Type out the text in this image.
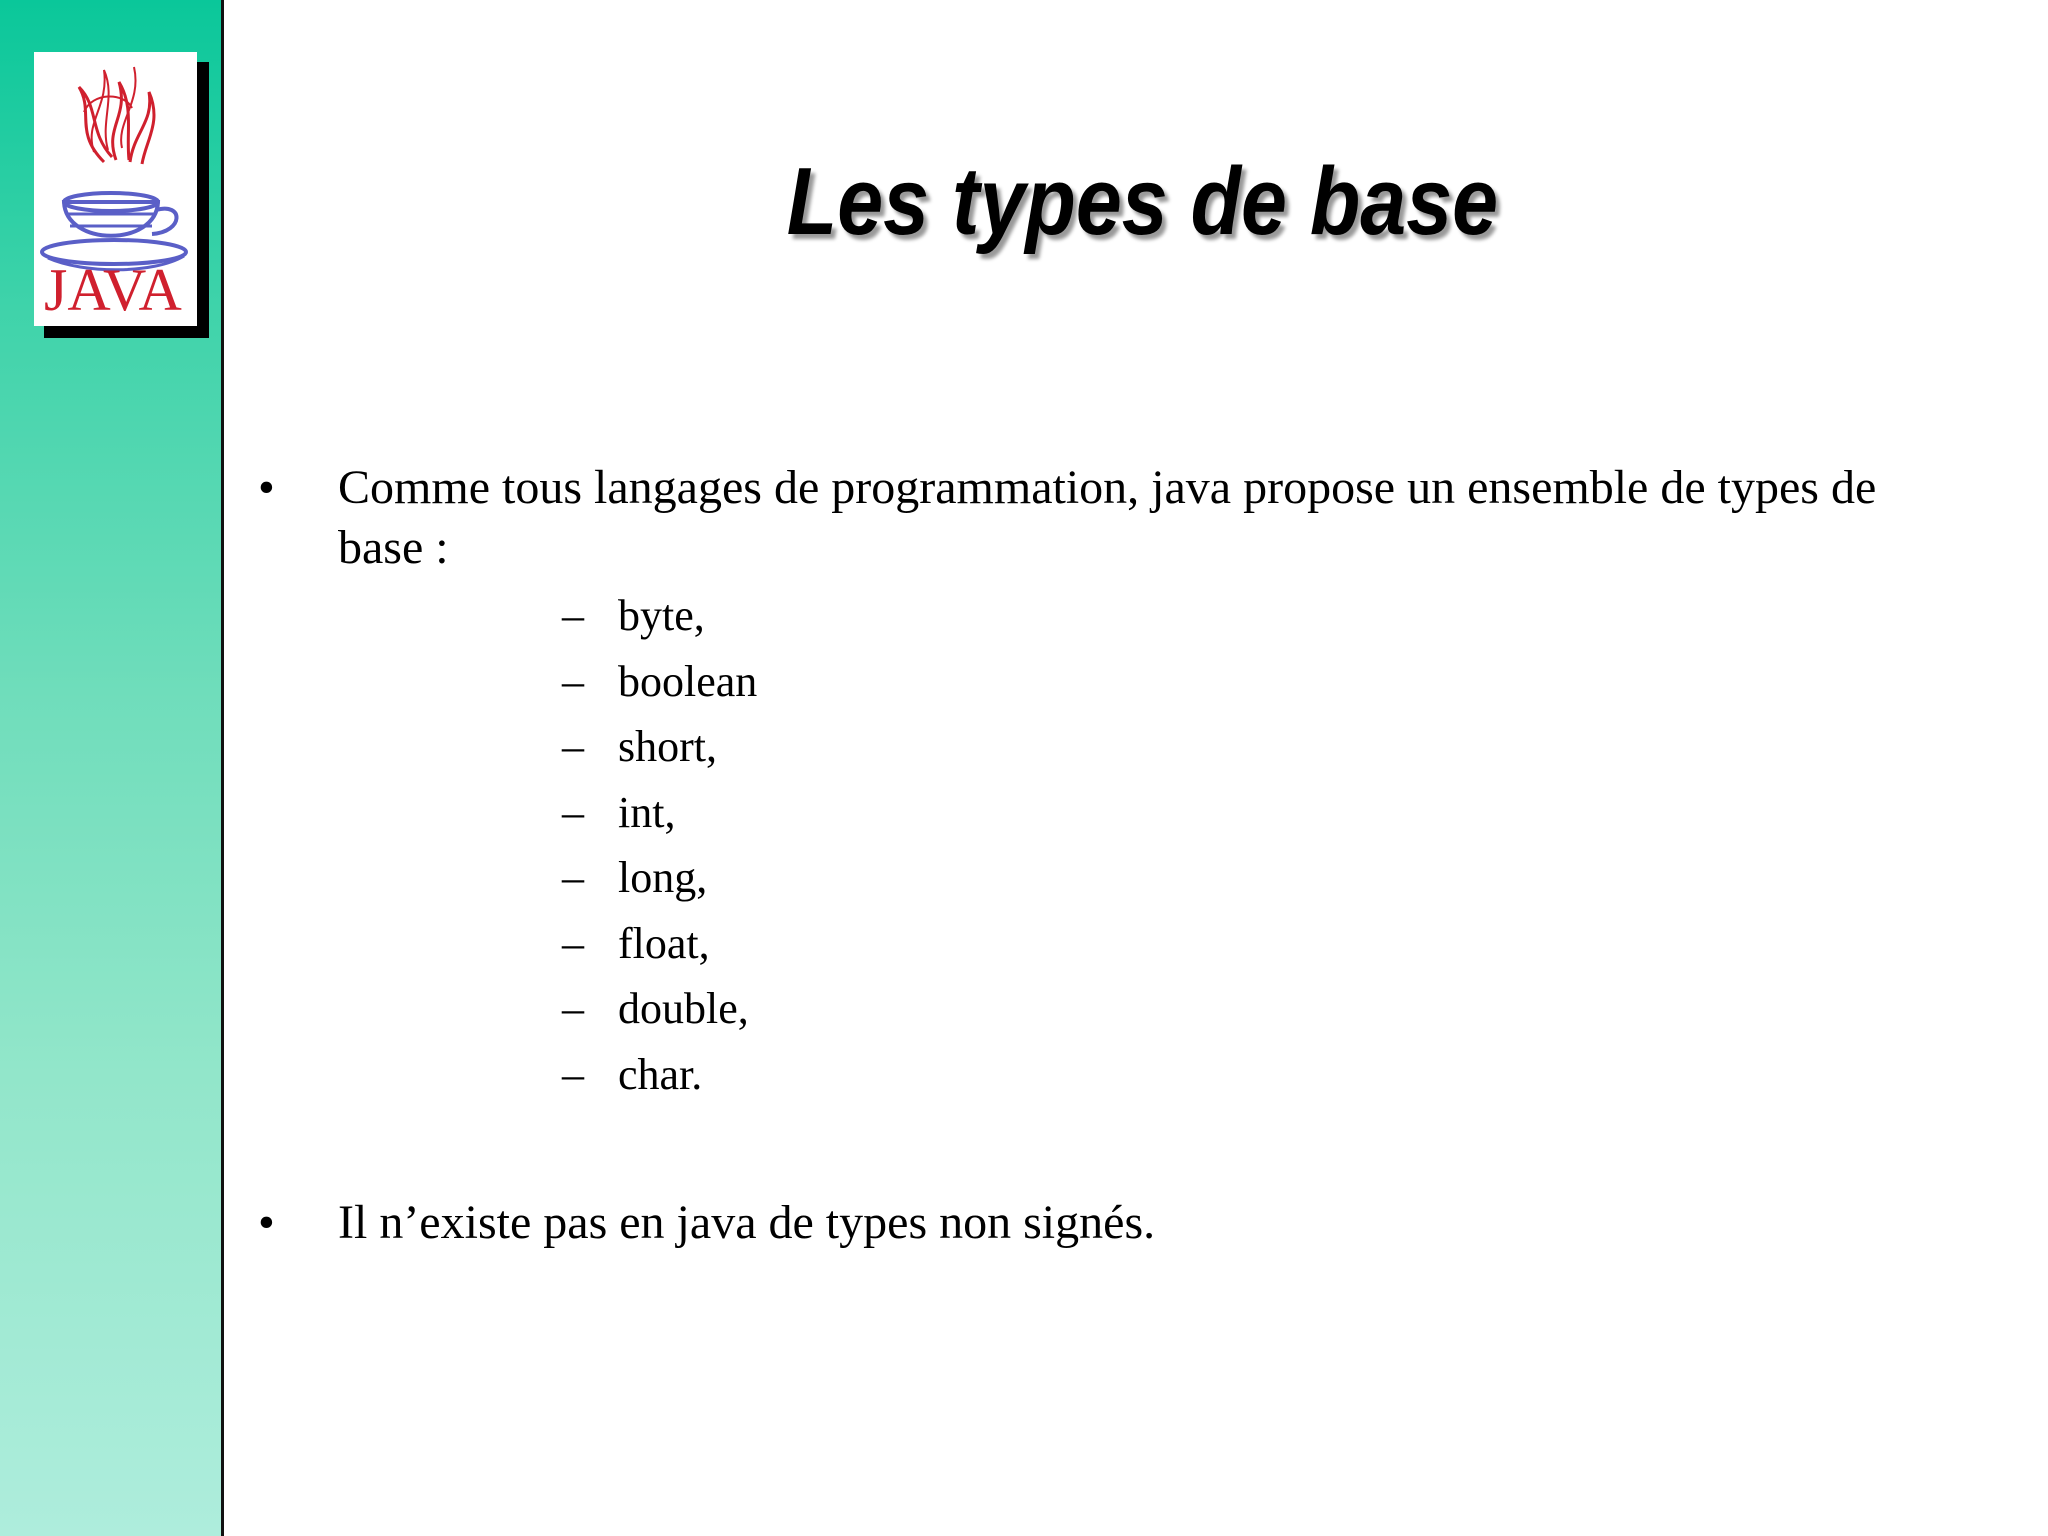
JAVA
Les types de base
• Comme tous langages de programmation, java propose un ensemble de types de base :
– byte,
– boolean
– short,
– int,
– long,
– float,
– double,
– char.
• Il n’existe pas en java de types non signés.
